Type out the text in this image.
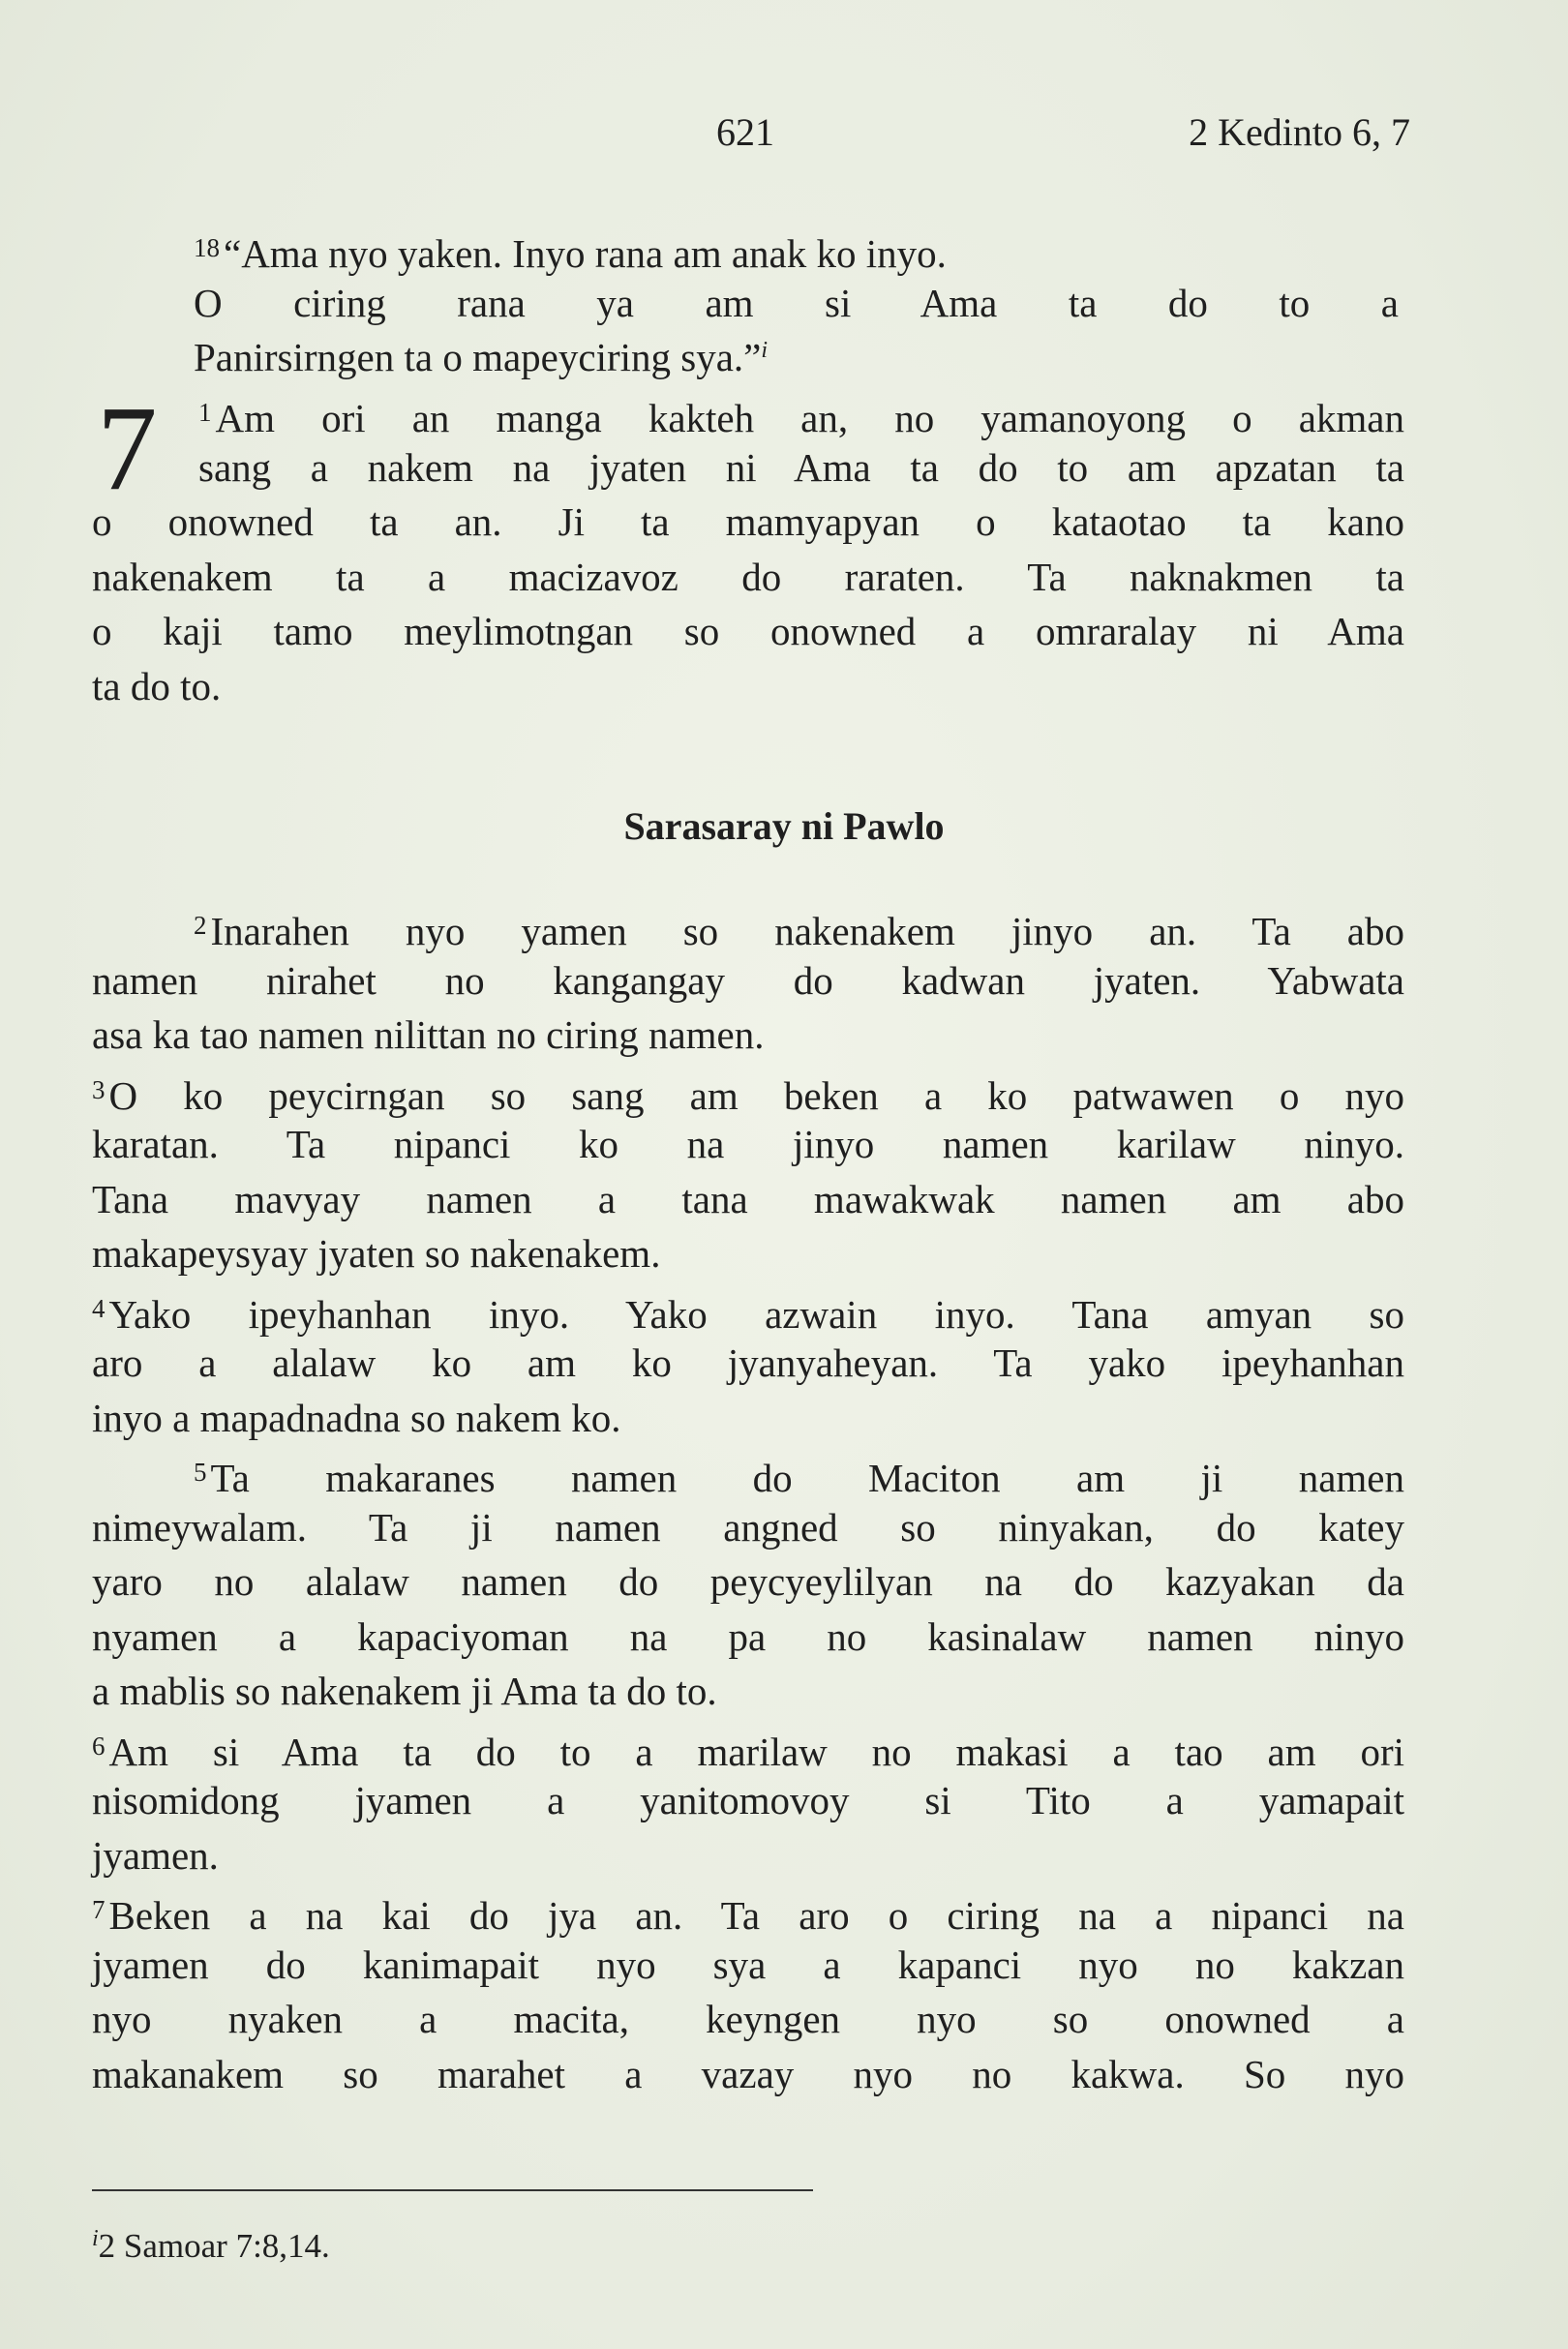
621	2 Kedinto 6, 7
$^{18}$“Ama nyo yaken. Inyo rana am anak ko inyo.
O ciring rana ya am si Ama ta do to a
Panirsirngen ta o mapeyciring sya.”$^i$
7	$^1$Am ori an manga kakteh an, no yamanoyong o akman
sang a nakem na jyaten ni Ama ta do to am apzatan ta
o onowned ta an. Ji ta mamyapyan o kataotao ta kano
nakenakem ta a macizavoz do raraten. Ta naknakmen ta
o kaji tamo meylimotngan so onowned a omraralay ni Ama
ta do to.
Sarasaray ni Pawlo
$^2$Inarahen nyo yamen so nakenakem jinyo an. Ta abo
namen nirahet no kangangay do kadwan jyaten. Yabwata
asa ka tao namen nilittan no ciring namen.
$^3$O ko peycirngan so sang am beken a ko patwawen o nyo
karatan. Ta nipanci ko na jinyo namen karilaw ninyo.
Tana mavyay namen a tana mawakwak namen am abo
makapeysyay jyaten so nakenakem.
$^4$Yako ipeyhanhan inyo. Yako azwain inyo. Tana amyan so
aro a alalaw ko am ko jyanyaheyan. Ta yako ipeyhanhan
inyo a mapadnadna so nakem ko.
$^5$Ta makaranes namen do Maciton am ji namen
nimeywalam. Ta ji namen angned so ninyakan, do katey
yaro no alalaw namen do peycyeylilyan na do kazyakan da
nyamen a kapaciyoman na pa no kasinalaw namen ninyo
a mablis so nakenakem ji Ama ta do to.
$^6$Am si Ama ta do to a marilaw no makasi a tao am ori
nisomidong jyamen a yanitomovoy si Tito a yamapait
jyamen.
$^7$Beken a na kai do jya an. Ta aro o ciring na a nipanci na
jyamen do kanimapait nyo sya a kapanci nyo no kakzan
nyo nyaken a macita, keyngen nyo so onowned a
makanakem so marahet a vazay nyo no kakwa. So nyo
$^i$2 Samoar 7:8,14.
